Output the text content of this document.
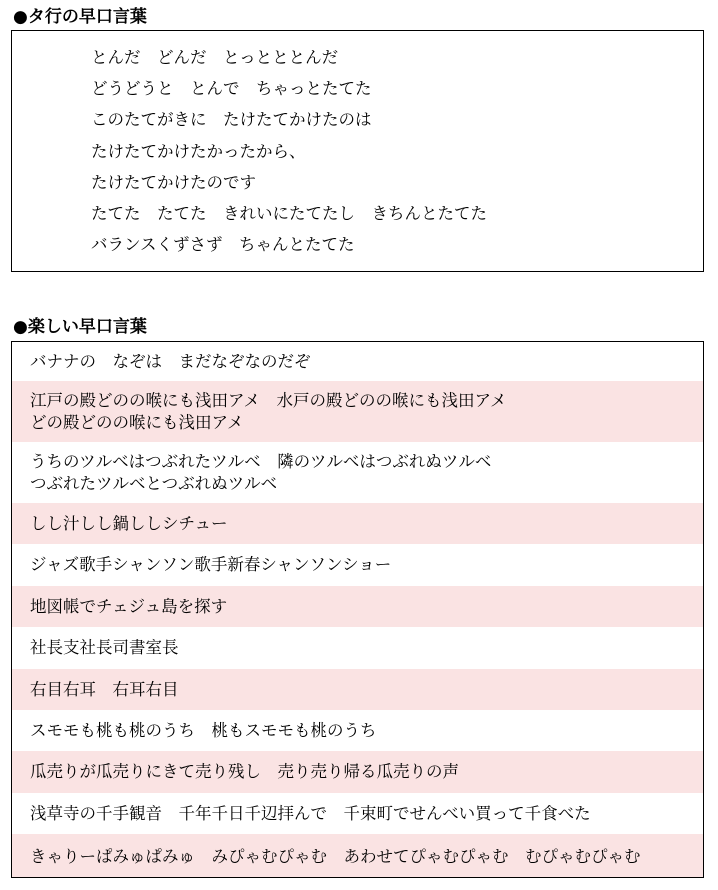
●タ行の早口言葉
とんだ　どんだ　とっとととんだ
どうどうと　とんで　ちゃっとたてた
このたてがきに　たけたてかけたのは
たけたてかけたかったから、
たけたてかけたのです
たてた　たてた　きれいにたてたし　きちんとたてた
バランスくずさず　ちゃんとたてた
●楽しい早口言葉
バナナの　なぞは　まだなぞなのだぞ
江戸の殿どのの喉にも浅田アメ　水戸の殿どのの喉にも浅田アメ
どの殿どのの喉にも浅田アメ
うちのツルベはつぶれたツルベ　隣のツルベはつぶれぬツルベ
つぶれたツルベとつぶれぬツルベ
しし汁しし鍋ししシチュー
ジャズ歌手シャンソン歌手新春シャンソンショー
地図帳でチェジュ島を探す
社長支社長司書室長
右目右耳　右耳右目
スモモも桃も桃のうち　桃もスモモも桃のうち
瓜売りが瓜売りにきて売り残し　売り売り帰る瓜売りの声
浅草寺の千手観音　千年千日千辺拝んで　千束町でせんべい買って千食べた
きゃりーぱみゅぱみゅ　みぴゃむぴゃむ　あわせてぴゃむぴゃむ　むぴゃむぴゃむ
